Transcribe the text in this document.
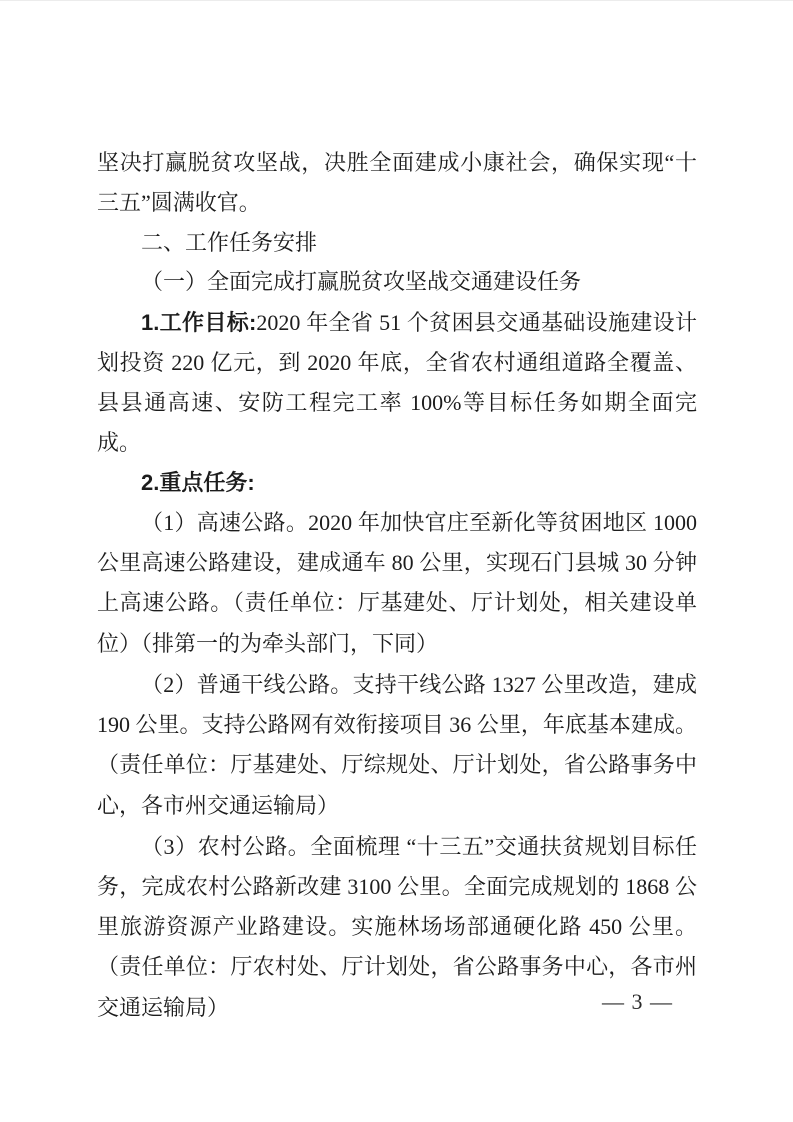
坚决打赢脱贫攻坚战，决胜全面建成小康社会，确保实现“十三五”圆满收官。

二、工作任务安排
（一）全面完成打赢脱贫攻坚战交通建设任务

1.工作目标:2020 年全省 51 个贫困县交通基础设施建设计划投资 220 亿元，到 2020 年底，全省农村通组道路全覆盖、县县通高速、安防工程完工率 100%等目标任务如期全面完成。

2.重点任务:

（1）高速公路。2020 年加快官庄至新化等贫困地区 1000 公里高速公路建设，建成通车 80 公里，实现石门县城 30 分钟上高速公路。（责任单位：厅基建处、厅计划处，相关建设单位）（排第一的为牵头部门，下同）

（2）普通干线公路。支持干线公路 1327 公里改造，建成 190 公里。支持公路网有效衔接项目 36 公里，年底基本建成。（责任单位：厅基建处、厅综规处、厅计划处，省公路事务中心，各市州交通运输局）

（3）农村公路。全面梳理 “十三五”交通扶贫规划目标任务，完成农村公路新改建 3100 公里。全面完成规划的 1868 公里旅游资源产业路建设。实施林场场部通硬化路 450 公里。（责任单位：厅农村处、厅计划处，省公路事务中心，各市州交通运输局）	— 3 —
